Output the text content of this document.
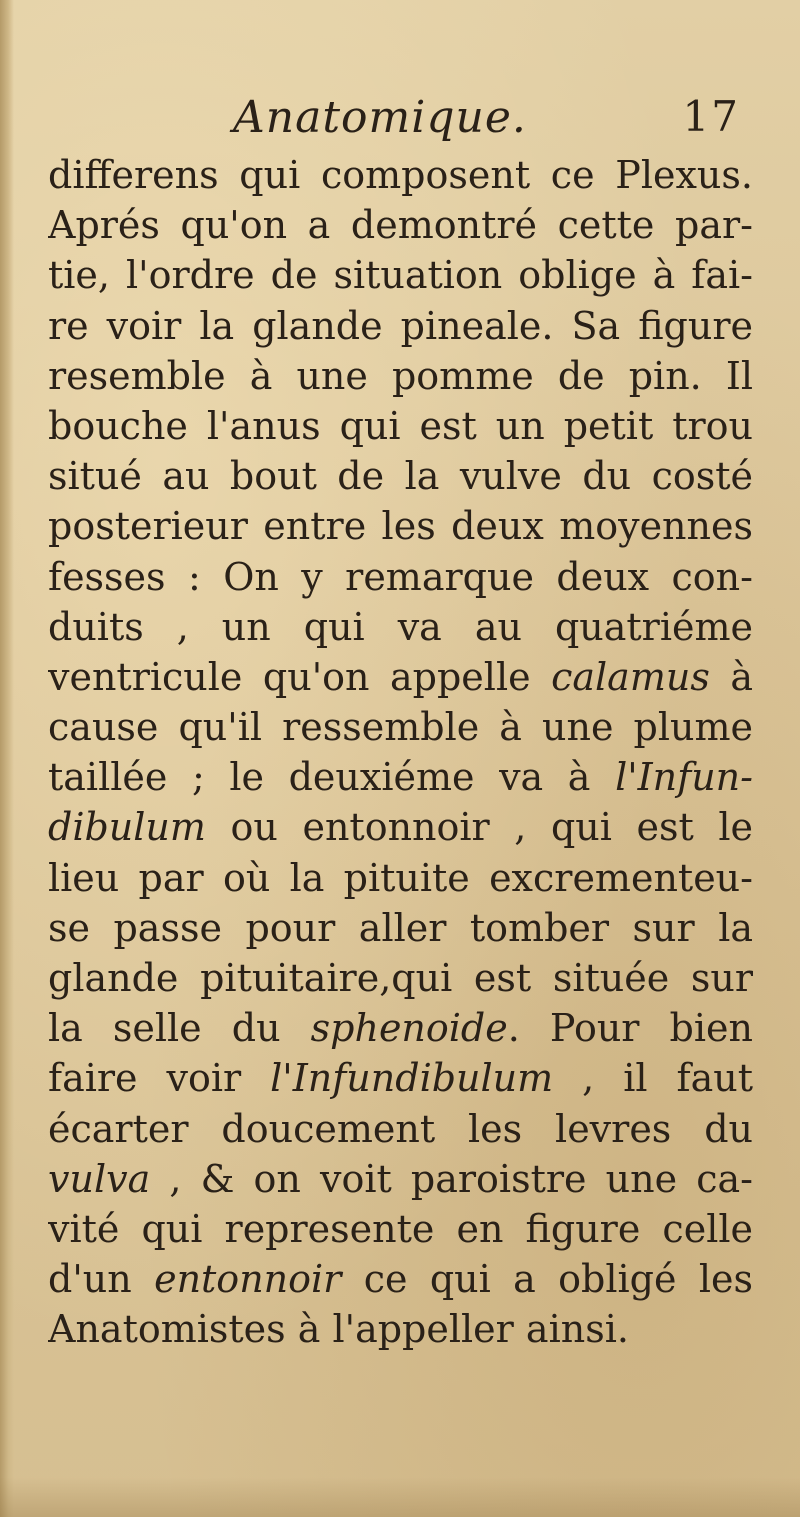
Anatomique.	17
differens qui composent ce Plexus.
Aprés qu'on a demontré cette par-
tie, l'ordre de situation oblige à fai-
re voir la glande pineale. Sa figure
resemble à une pomme de pin. Il
bouche l'anus qui est un petit trou
situé au bout de la vulve du costé
posterieur entre les deux moyennes
fesses : On y remarque deux con-
duits , un qui va au quatriéme
ventricule qu'on appelle calamus à
cause qu'il ressemble à une plume
taillée ; le deuxiéme va à l'Infun-
dibulum ou entonnoir , qui est le
lieu par où la pituite excrementeu-
se passe pour aller tomber sur la
glande pituitaire,qui est située sur
la selle du sphenoide. Pour bien
faire voir l'Infundibulum , il faut
écarter doucement les levres du
vulva , & on voit paroistre une ca-
vité qui represente en figure celle
d'un entonnoir ce qui a obligé les
Anatomistes à l'appeller ainsi.
